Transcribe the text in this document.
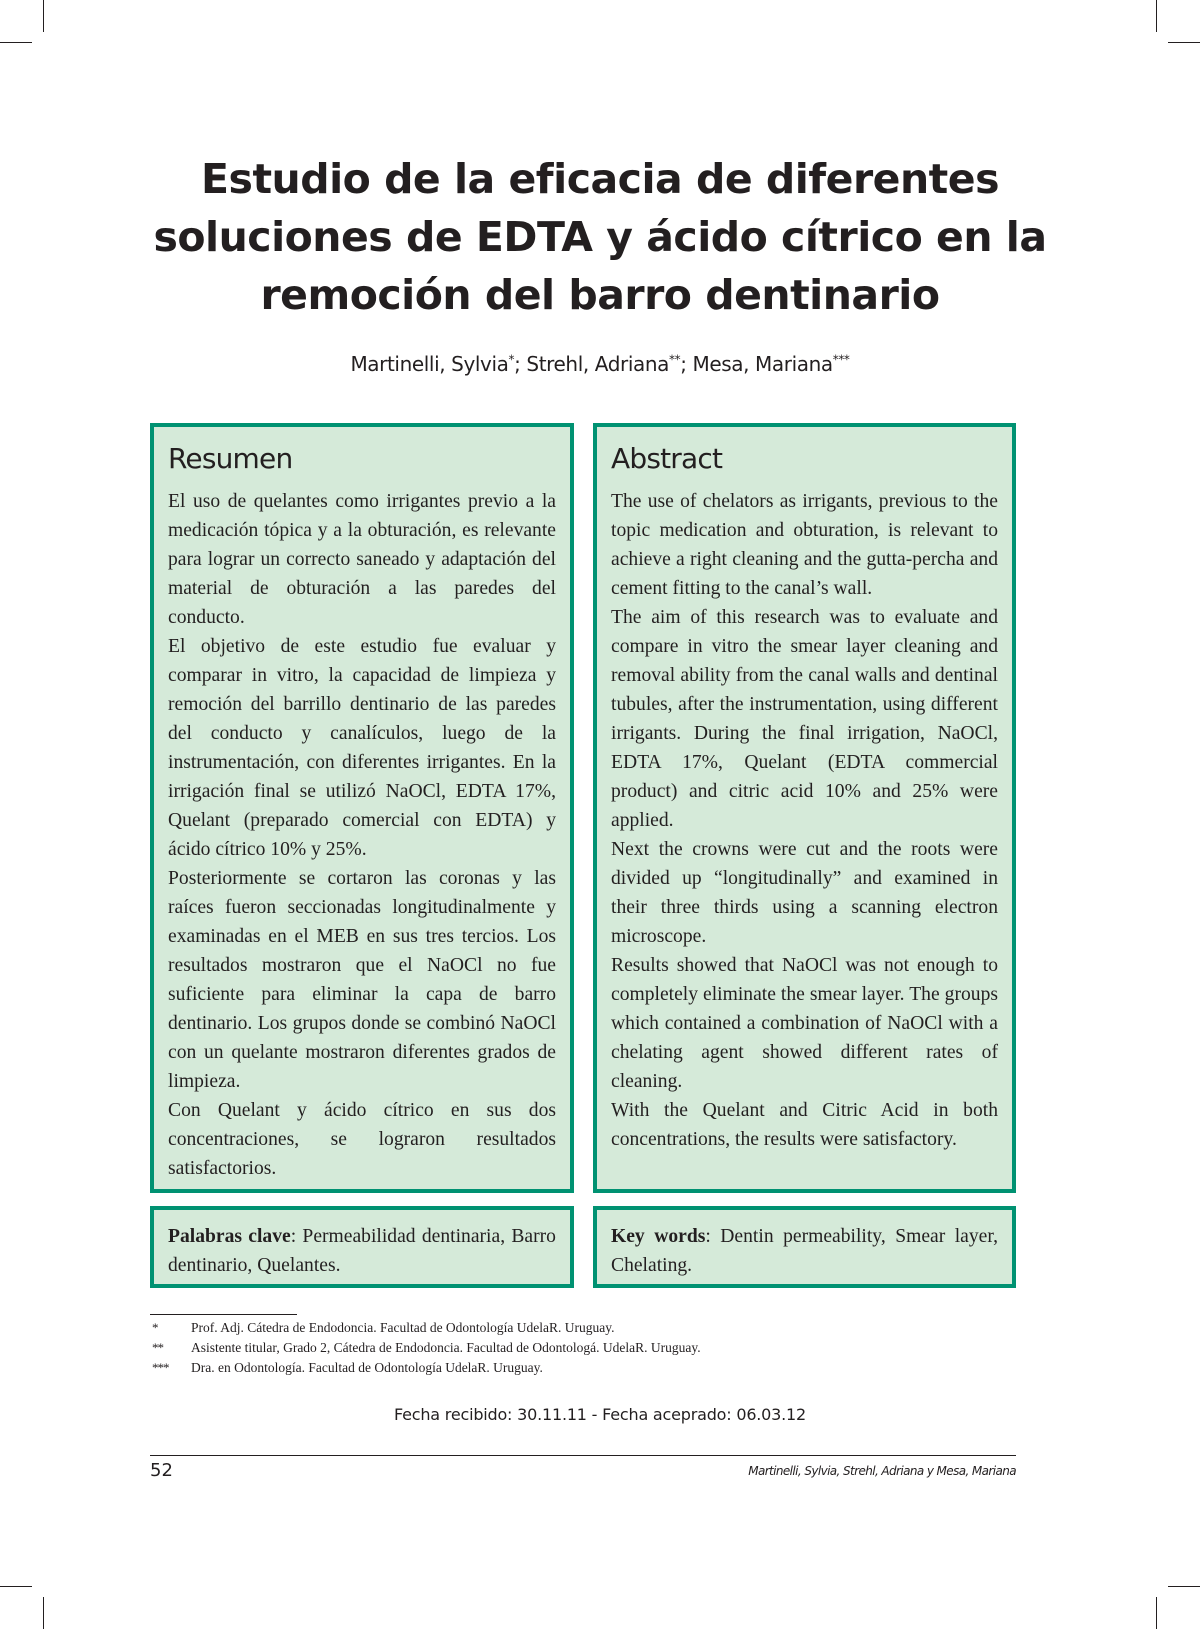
Estudio de la eficacia de diferentes
soluciones de EDTA y ácido cítrico en la
remoción del barro dentinario
Martinelli, Sylvia*; Strehl, Adriana**; Mesa, Mariana***
Resumen

El uso de quelantes como irrigantes previo a la medicación tópica y a la obturación, es relevante para lograr un correcto saneado y adaptación del material de obturación a las paredes del conducto.

El objetivo de este estudio fue evaluar y comparar in vitro, la capacidad de limpieza y remoción del barrillo dentinario de las paredes del conducto y canalículos, luego de la instrumentación, con diferentes irrigantes. En la irrigación final se utilizó NaOCl, EDTA 17%, Quelant (preparado comercial con EDTA) y ácido cítrico 10% y 25%.

Posteriormente se cortaron las coronas y las raíces fueron seccionadas longitudinalmente y examinadas en el MEB en sus tres tercios. Los resultados mostraron que el NaOCl no fue suficiente para eliminar la capa de barro dentinario. Los grupos donde se combinó NaOCl con un quelante mostraron diferentes grados de limpieza.

Con Quelant y ácido cítrico en sus dos concentraciones, se lograron resultados satisfactorios.

Abstract

The use of chelators as irrigants, previous to the topic medication and obturation, is relevant to achieve a right cleaning and the gutta-percha and cement fitting to the canal’s wall.

The aim of this research was to evaluate and compare in vitro the smear layer cleaning and removal ability from the canal walls and dentinal tubules, after the instrumentation, using different irrigants. During the final irrigation, NaOCl, EDTA 17%, Quelant (EDTA commercial product) and citric acid 10% and 25% were applied.

Next the crowns were cut and the roots were divided up “longitudinally” and examined in their three thirds using a scanning electron microscope.

Results showed that NaOCl was not enough to completely eliminate the smear layer. The groups which contained a combination of NaOCl with a chelating agent showed different rates of cleaning.

With the Quelant and Citric Acid in both concentrations, the results were satisfactory.

Palabras clave: Permeabilidad dentinaria, Barro dentinario, Quelantes.

Key words: Dentin permeability, Smear layer, Chelating.

* Prof. Adj. Cátedra de Endodoncia. Facultad de Odontología UdelaR. Uruguay.
** Asistente titular, Grado 2, Cátedra de Endodoncia. Facultad de Odontologá. UdelaR. Uruguay.
*** Dra. en Odontología. Facultad de Odontología UdelaR. Uruguay.
Fecha recibido: 30.11.11 - Fecha aceprado: 06.03.12
52	Martinelli, Sylvia, Strehl, Adriana y Mesa, Mariana
